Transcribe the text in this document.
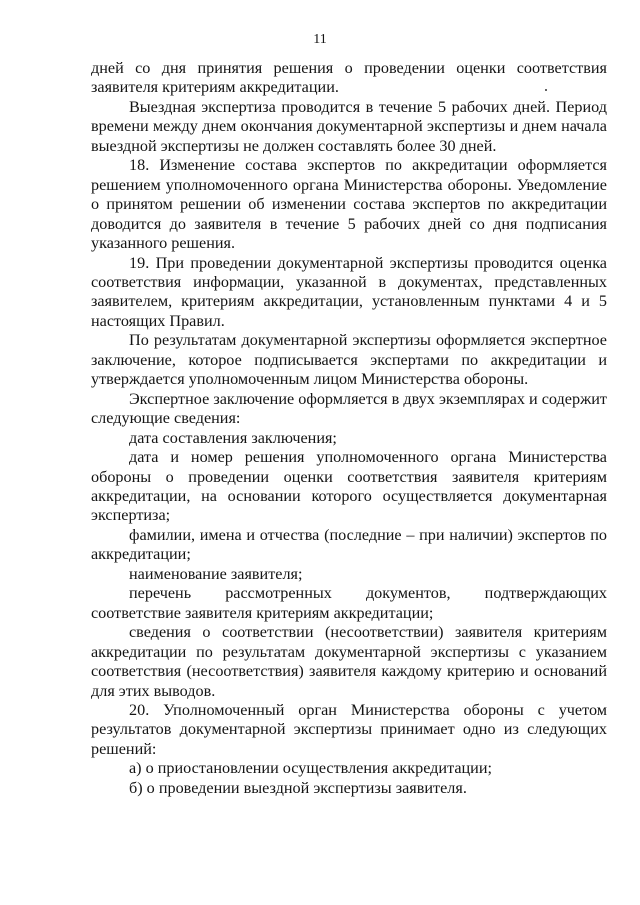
11

дней со дня принятия решения о проведении оценки соответствия заявителя критериям аккредитации.

Выездная экспертиза проводится в течение 5 рабочих дней. Период времени между днем окончания документарной экспертизы и днем начала выездной экспертизы не должен составлять более 30 дней.

18. Изменение состава экспертов по аккредитации оформляется решением уполномоченного органа Министерства обороны. Уведомление о принятом решении об изменении состава экспертов по аккредитации доводится до заявителя в течение 5 рабочих дней со дня подписания указанного решения.

19. При проведении документарной экспертизы проводится оценка соответствия информации, указанной в документах, представленных заявителем, критериям аккредитации, установленным пунктами 4 и 5 настоящих Правил.

По результатам документарной экспертизы оформляется экспертное заключение, которое подписывается экспертами по аккредитации и утверждается уполномоченным лицом Министерства обороны.

Экспертное заключение оформляется в двух экземплярах и содержит следующие сведения:

дата составления заключения;

дата и номер решения уполномоченного органа Министерства обороны о проведении оценки соответствия заявителя критериям аккредитации, на основании которого осуществляется документарная экспертиза;

фамилии, имена и отчества (последние – при наличии) экспертов по аккредитации;

наименование заявителя;

перечень рассмотренных документов, подтверждающих соответствие заявителя критериям аккредитации;

сведения о соответствии (несоответствии) заявителя критериям аккредитации по результатам документарной экспертизы с указанием соответствия (несоответствия) заявителя каждому критерию и оснований для этих выводов.

20. Уполномоченный орган Министерства обороны с учетом результатов документарной экспертизы принимает одно из следующих решений:

а) о приостановлении осуществления аккредитации;

б) о проведении выездной экспертизы заявителя.
